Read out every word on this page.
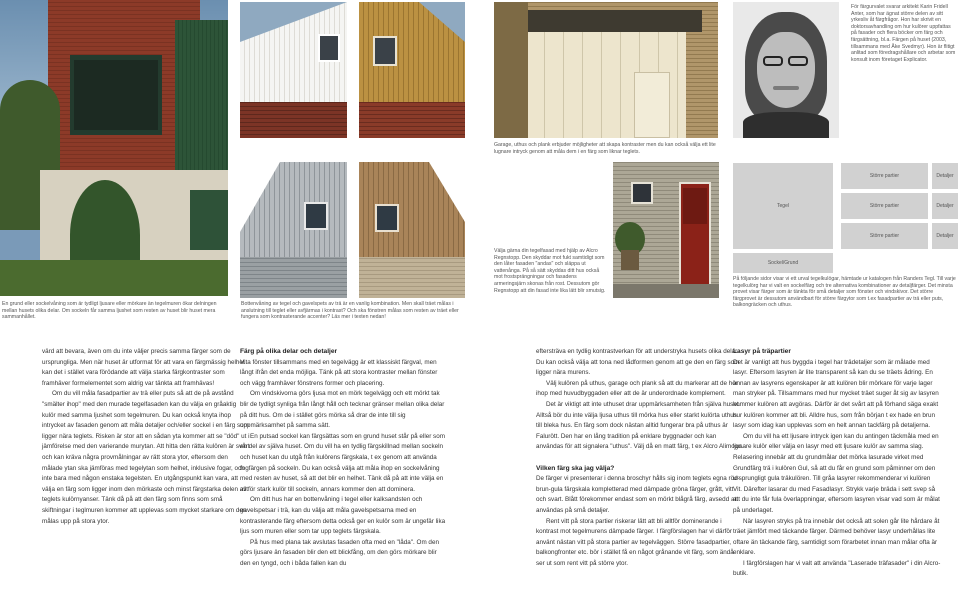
En grund eller sockelvåning som är tydligt ljusare eller mörkare än tegelmuren ökar delningen mellan husets olika delar. Om sockeln får samma ljushet som resten av huset blir huset mera sammanhållet.
Bottenvåning av tegel och gavelspets av trä är en vanlig kombination. Men skall träet målas i anslutning till teglet eller avfjärmas i kontrast? Och ska fönstren målas som resten av träet eller fungera som kontrasterande accenter? Läs mer i texten nedan!
Garage, uthus och plank erbjuder möjligheter att skapa kontraster men du kan också välja ett lite lugnare intryck genom att måla dem i en färg som liknar teglets.
Välja gärna din tegelfasad med hjälp av Alcro Regnstopp. Den skyddar mot fukt samtidigt som den låter fasaden "andas" och släppa ut vattenånga. På så sätt skyddas ditt hus också mot frostsprängningar och fasadens armeringsjärn skonas från rost. Dessutom gör Regnstopp att din fasad inte lika lätt blir smutsig.
För färgurvalet svarar arkitekt Karin Fridell Anter, som har ägnat större delen av sitt yrkesliv åt färgfrågor. Hon har skrivit en doktorsavhandling om hur kulörer uppfattas på fasader och flera böcker om färg och färgsättning, bl.a. Färgen på huset (2003, tillsammans med Åke Svedmyr). Hon är flitigt anlitad som föredragshållare och arbetar som konsult inom företaget Explicator.
På följande sidor visar vi ett urval tegelkulögar, hämtade ur katalogen från Randers Tegl. Till varje tegelkulörg har vi valt en sockelfärg och tre alternativa kombinationer av detaljfärger. Det minsta provet visar färger som är tänkta för små detaljer som fönster och vindskivor. Det större färgprovet är dessutom användbart för större färgytor som t.ex fasadpartier av trä eller puts, balkongräcken och uthus.
Tegel
Större partier	Detaljer
Större partier	Detaljer
Större partier	Detaljer
Sockel/Grund

värd att bevara, även om du inte väljer precis samma färger som de ursprungliga. Men när huset är utformat för att vara en färgmässig helhet kan det i stället vara förödande att välja starka färgkontraster som framhäver formelementet som aldrig var tänkta att framhävas!

Om du vill måla fasadpartier av trä eller puts så att de på avstånd "smälter ihop" med den murade tegelfasaden kan du välja en gråaktig kulör med samma ljushet som tegelmuren. Du kan också knyta ihop intrycket av fasaden genom att måla detaljer och/eller sockel i en färg som ligger nära teglets. Risken är stor att en sådan yta kommer att se "död" ut i jämförelse med den varierande murytan. Att hitta den rätta kulören är svårt och kan kräva några provmålningar av rätt stora ytor, eftersom den målade ytan ska jämföras med tegelytan som helhet, inklusive fogar, och inte bara med någon enstaka tegelsten. En utgångspunkt kan vara, att välja en färg som ligger inom den mörkaste och minst färgstarka delen av teglets kulörnyanser. Tänk då på att den färg som finns som små skiftningar i teglmuren kommer att upplevas som mycket starkare om den målas upp på stora ytor.

Färg på olika delar och detaljer

Vita fönster tillsammans med en tegelvägg är ett klassiskt färgval, men långt ifrån det enda möjliga. Tänk på att stora kontraster mellan fönster och vägg framhäver fönstrens former och placering.

Om vindskivorna görs ljusa mot en mörk tegelvägg och ett mörkt tak blir de tydligt synliga från långt håll och tecknar gränser mellan olika delar på ditt hus. Om de i stället görs mörka så drar de inte till sig uppmärksamhet på samma sätt.

En putsad sockel kan färgsättas som en grund huset står på eller som en del av själva huset. Om du vill ha en tydlig färgskillnad mellan sockeln och huset kan du utgå från kulörens färgskala, t ex genom att använda fogfärgen på sockeln. Du kan också välja att måla ihop en sockelvåning med resten av huset, så att det blir en helhet. Tänk då på att inte välja en alltför stark kulör till sockeln, annars kommer den att dominera.

Om ditt hus har en bottenvåning i tegel eller kalksandsten och gavelspetsar i trä, kan du välja att måla gavelspetsarna med en kontrasterande färg eftersom detta också ger en kulör som är ungefär lika ljus som muren eller som tar upp teglets färgskala.

På hus med plana tak avslutas fasaden ofta med en "låda". Om den görs ljusare än fasaden blir den ett blickfång, om den görs mörkare blir den en tyngd, och i båda fallen kan du

eftersträva en tydlig kontrastverkan för att understryka husets olika delar. Du kan också välja att tona ned lådformen genom att ge den en färg som ligger nära murens.

Välj kulören på uthus, garage och plank så att du markerar att de hör ihop med huvudbyggaden eller att de är underordnade komplement.

Det är viktigt att inte uthuset drar uppmärksamheten från själva huset. Alltså bör du inte välja ljusa uthus till mörka hus eller starkt kulörta uthus till bleka hus. En färg som dock nästan alltid fungerar bra på uthus är Falurött. Den har en lång tradition på enklare byggnader och kan användas för att signalera "uthus". Välj då en matt färg, t ex Alcro Alimoge.

Vilken färg ska jag välja?

De färger vi presenterar i denna broschyr hålls sig inom teglets egna röd-brun-gula färgskala kompletterad med dämpade gröna färger, grått, vitt och svart. Blått förekommer endast som en mörkt blågrå färg, avsedd att användas på små detaljer.

Rent vitt på stora partier riskerar lätt att bli alltför dominerande i kontrast mot tegelmurens dämpade färger. I färgförslagen har vi därför använt nästan vitt på stora partier av tegelväggen. Större fasadpartier, balkongfronter etc. bör i stället få en något grånande vit färg, som ändå ser ut som rent vitt på större ytor.

Lasyr på träpartier

Det är vanligt att hus byggda i tegel har trädetaljer som är målade med lasyr. Eftersom lasyren är lite transparent så kan du se träets ådring. En annan av lasyrens egenskaper är att kulören blir mörkare för varje lager man stryker på. Tillsammans med hur mycket träet suger åt sig av lasyren kommer kulören att avgöras. Därför är det svårt att på förhand säga exakt hur kulören kommer att bli. Alldre hus, som från början t ex hade en brun lasyr som idag kan upplevas som en helt annan tackfärg på detaljerna.

Om du vill ha ett ljusare intryck igen kan du antingen täckmåla med en ljusare kulör eller välja en lasyr med ett ljusare kulör av samma slag. Relasering innebär att du grundmålar det mörka lasurade virket med Grundfärg trä i kulören Gul, så att du får en grund som påminner om den ursprungligt gula träkulören. Till gråa lasyrer rekommenderar vi kulören Vit. Därefter lasarar du med Fasadlasyr. Strykk varje bräda i sett svep så att du inte får fula överlappningar, eftersom lasyren visar vad som är målat på underlaget.

När lasyren stryks på tra innebär det också att solen går lite hårdare åt träet jämfört med täckande färger. Därmed behöver lasyr underhållas lite oftare än täckande färg, samtidigt som förarbetet innan man målar ofta är enklare.

I färgförslagen har vi valt att använda "Laserade träfasader" i din Alcro-butik.
